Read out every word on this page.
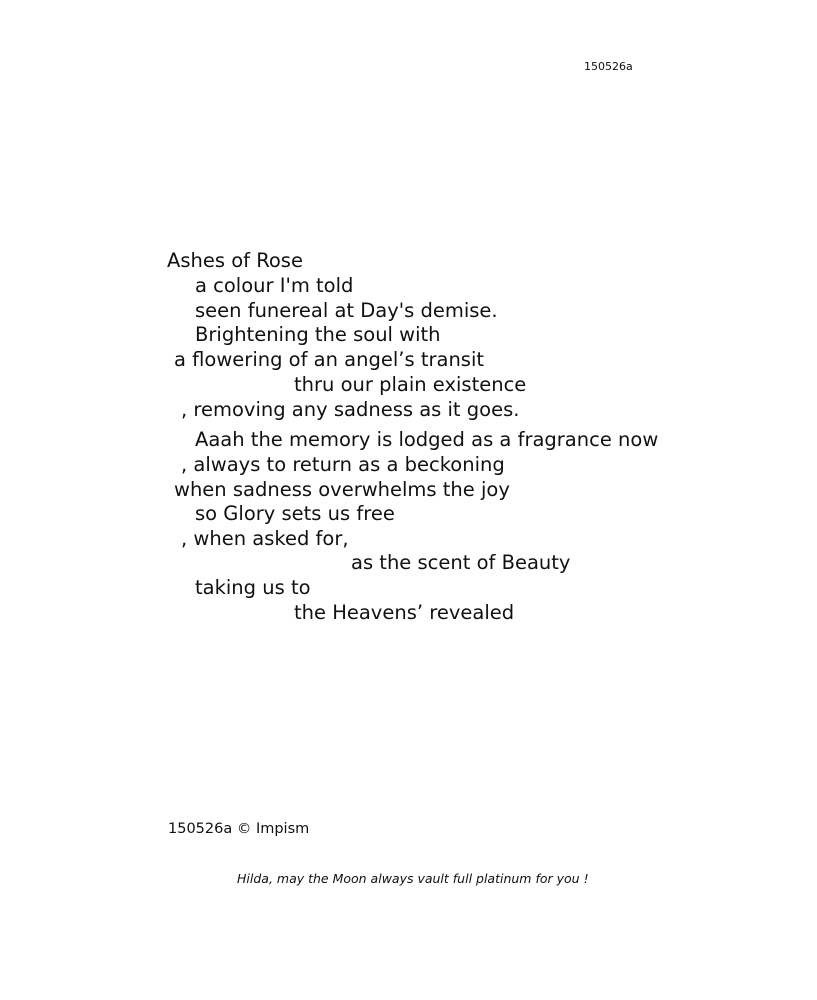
150526a
Ashes of Rose
a colour I'm told
seen funereal at Day's demise.
Brightening the soul with
a flowering of an angel’s transit
thru our plain existence
, removing any sadness as it goes.
Aaah the memory is lodged as a fragrance now
, always to return as a beckoning
when sadness overwhelms the joy
so Glory sets us free
, when asked for,
as the scent of Beauty
taking us to
the Heavens’ revealed
150526a © Impism
Hilda, may the Moon always vault full platinum for you !
